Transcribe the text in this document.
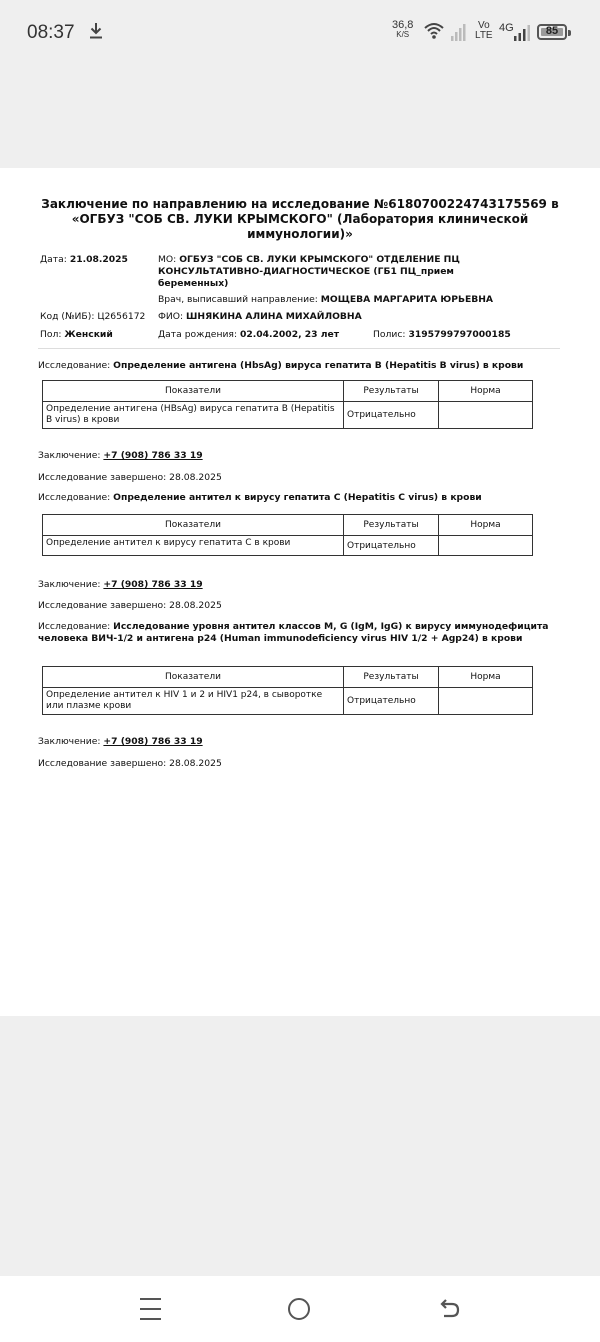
08:37	36,8
K/S
Vo
LTE
4G	85
Заключение по направлению на исследование №6180700224743175569 в «ОГБУЗ "СОБ СВ. ЛУКИ КРЫМСКОГО" (Лаборатория клинической иммунологии)»
Дата: 21.08.2025	МО: ОГБУЗ "СОБ СВ. ЛУКИ КРЫМСКОГО" ОТДЕЛЕНИЕ ПЦ КОНСУЛЬТАТИВНО-ДИАГНОСТИЧЕСКОЕ (ГБ1 ПЦ_прием беременных)
Врач, выписавший направление: МОЩЕВА МАРГАРИТА ЮРЬЕВНА
Код (№ИБ): Ц2656172 ФИО: ШНЯКИНА АЛИНА МИХАЙЛОВНА
Пол: Женский	Дата рождения: 02.04.2002, 23 лет	Полис: 3195799797000185
Исследование: Определение антигена (HbsAg) вируса гепатита В (Hepatitis B virus) в крови
Показатели	Результаты	Норма
Определение антигена (HBsAg) вируса гепатита B (Hepatitis B virus) в крови	Отрицательно	
Заключение: +7 (908) 786 33 19
Исследование завершено: 28.08.2025
Исследование: Определение антител к вирусу гепатита С (Hepatitis C virus) в крови
Показатели	Результаты	Норма
Определение антител к вирусу гепатита С в крови	Отрицательно	
Заключение: +7 (908) 786 33 19
Исследование завершено: 28.08.2025
Исследование: Исследование уровня антител классов M, G (IgM, IgG) к вирусу иммунодефицита человека ВИЧ-1/2 и антигена p24 (Human immunodeficiency virus HIV 1/2 + Agp24) в крови
Показатели	Результаты	Норма
Определение антител к HIV 1 и 2 и HIV1 p24, в сыворотке или плазме крови	Отрицательно	
Заключение: +7 (908) 786 33 19
Исследование завершено: 28.08.2025
